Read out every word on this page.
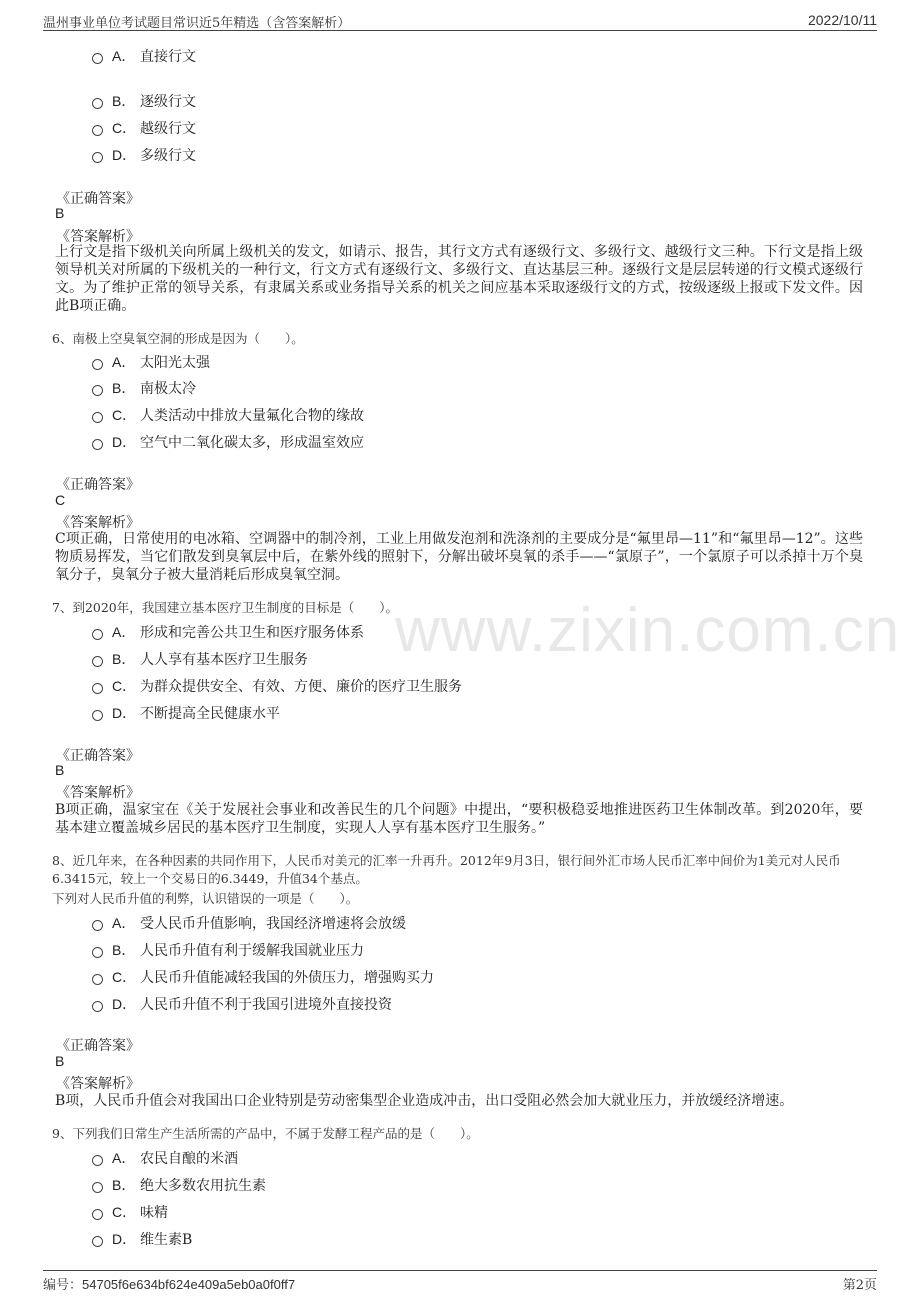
温州事业单位考试题目常识近5年精选（含答案解析）	2022/10/11
www.zixin.com.cn
A． 直接行文
B． 逐级行文
C． 越级行文
D． 多级行文
《正确答案》
B
《答案解析》
上行文是指下级机关向所属上级机关的发文，如请示、报告，其行文方式有逐级行文、多级行文、越级行文三种。下行文是指上级领导机关对所属的下级机关的一种行文，行文方式有逐级行文、多级行文、直达基层三种。逐级行文是层层转递的行文模式逐级行文。为了维护正常的领导关系，有隶属关系或业务指导关系的机关之间应基本采取逐级行文的方式，按级逐级上报或下发文件。因此B项正确。
6、南极上空臭氧空洞的形成是因为（　　）。
A． 太阳光太强
B． 南极太冷
C． 人类活动中排放大量氟化合物的缘故
D． 空气中二氧化碳太多，形成温室效应
《正确答案》
C
《答案解析》
C项正确，日常使用的电冰箱、空调器中的制冷剂，工业上用做发泡剂和洗涤剂的主要成分是“氟里昂—11”和“氟里昂—12”。这些物质易挥发，当它们散发到臭氧层中后，在紫外线的照射下，分解出破坏臭氧的杀手——“氯原子”，一个氯原子可以杀掉十万个臭氧分子，臭氧分子被大量消耗后形成臭氧空洞。
7、到2020年，我国建立基本医疗卫生制度的目标是（　　）。
A． 形成和完善公共卫生和医疗服务体系
B． 人人享有基本医疗卫生服务
C． 为群众提供安全、有效、方便、廉价的医疗卫生服务
D． 不断提高全民健康水平
《正确答案》
B
《答案解析》
B项正确，温家宝在《关于发展社会事业和改善民生的几个问题》中提出，“要积极稳妥地推进医药卫生体制改革。到2020年，要基本建立覆盖城乡居民的基本医疗卫生制度，实现人人享有基本医疗卫生服务。”
8、近几年来，在各种因素的共同作用下，人民币对美元的汇率一升再升。2012年9月3日，银行间外汇市场人民币汇率中间价为1美元对人民币6.3415元，较上一个交易日的6.3449，升值34个基点。
下列对人民币升值的利弊，认识错误的一项是（　　）。
A． 受人民币升值影响，我国经济增速将会放缓
B． 人民币升值有利于缓解我国就业压力
C． 人民币升值能减轻我国的外债压力，增强购买力
D． 人民币升值不利于我国引进境外直接投资
《正确答案》
B
《答案解析》
B项，人民币升值会对我国出口企业特别是劳动密集型企业造成冲击，出口受阻必然会加大就业压力，并放缓经济增速。
9、下列我们日常生产生活所需的产品中，不属于发酵工程产品的是（　　）。
A． 农民自酿的米酒
B． 绝大多数农用抗生素
C． 味精
D． 维生素B
编号：54705f6e634bf624e409a5eb0a0f0ff7	第2页
